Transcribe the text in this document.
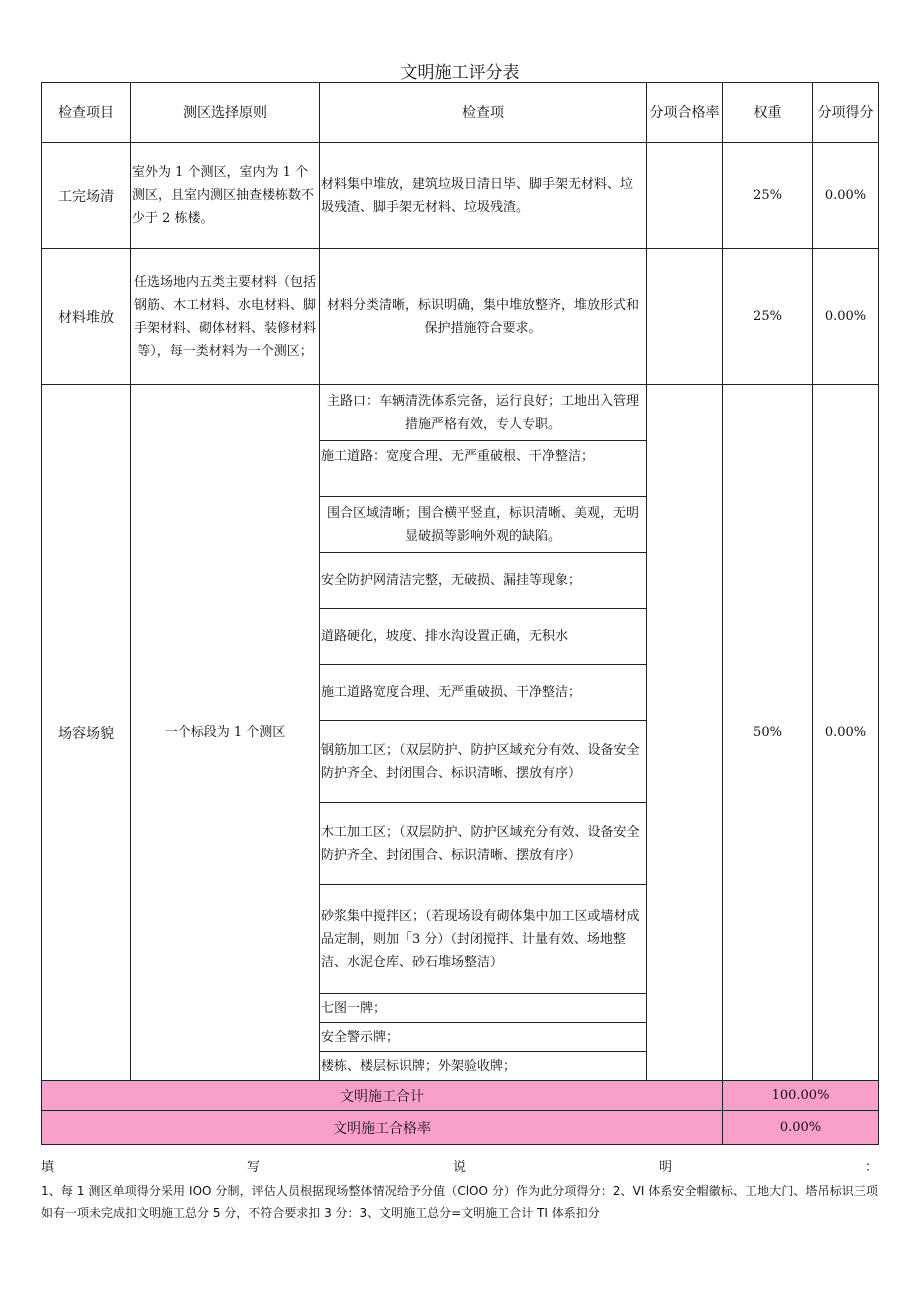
文明施工评分表
检查项目	测区选择原则	检查项	分项合格率	权重	分项得分
工完场清	室外为 1 个测区，室内为 1 个测区，且室内测区抽查楼栋数不少于 2 栋楼。	材料集中堆放，建筑垃圾日清日毕、脚手架无材料、垃圾残渣、脚手架无材料、垃圾残渣。		25%	0.00%
材料堆放	任选场地内五类主要材料（包括钢筋、木工材料、水电材料、脚手架材料、砌体材料、装修材料等），每一类材料为一个测区；	材料分类清晰，标识明确，集中堆放整齐，堆放形式和保护措施符合要求。		25%	0.00%
场容场貌	一个标段为 1 个测区	主路口：车辆清洗体系完备，运行良好；工地出入管理措施严格有效，专人专职。		50%	0.00%
		施工道路：宽度合理、无严重破根、干净整洁；			
		围合区域清晰；围合横平竖直，标识清晰、美观，无明显破损等影响外观的缺陷。			
		安全防护网清洁完整，无破损、漏挂等现象；			
		道路硬化，坡度、排水沟设置正确，无积水			
		施工道路宽度合理、无严重破损、干净整洁；			
		钢筋加工区；（双层防护、防护区域充分有效、设备安全防护齐全、封闭围合、标识清晰、摆放有序）			
		木工加工区；（双层防护、防护区域充分有效、设备安全防护齐全、封闭围合、标识清晰、摆放有序）			
		砂浆集中搅拌区；（若现场设有砌体集中加工区或墙材成品定制，则加「3 分）（封闭搅拌、计量有效、场地整洁、水泥仓库、砂石堆场整洁）			
		七图一牌；			
		安全警示牌；			
		楼栋、楼层标识牌；外架验收牌；			
文明施工合计				100.00%	
文明施工合格率				0.00%	
填	写	说	明	：
1、每 1 测区单项得分采用 IOO 分制，评估人员根据现场整体情况给予分值（ClOO 分）作为此分项得分：2、VI 体系安全帽徽标、工地大门、塔吊标识三项如有一项未完成扣文明施工总分 5 分，不符合要求扣 3 分：3、文明施工总分=文明施工合计 TI 体系扣分
